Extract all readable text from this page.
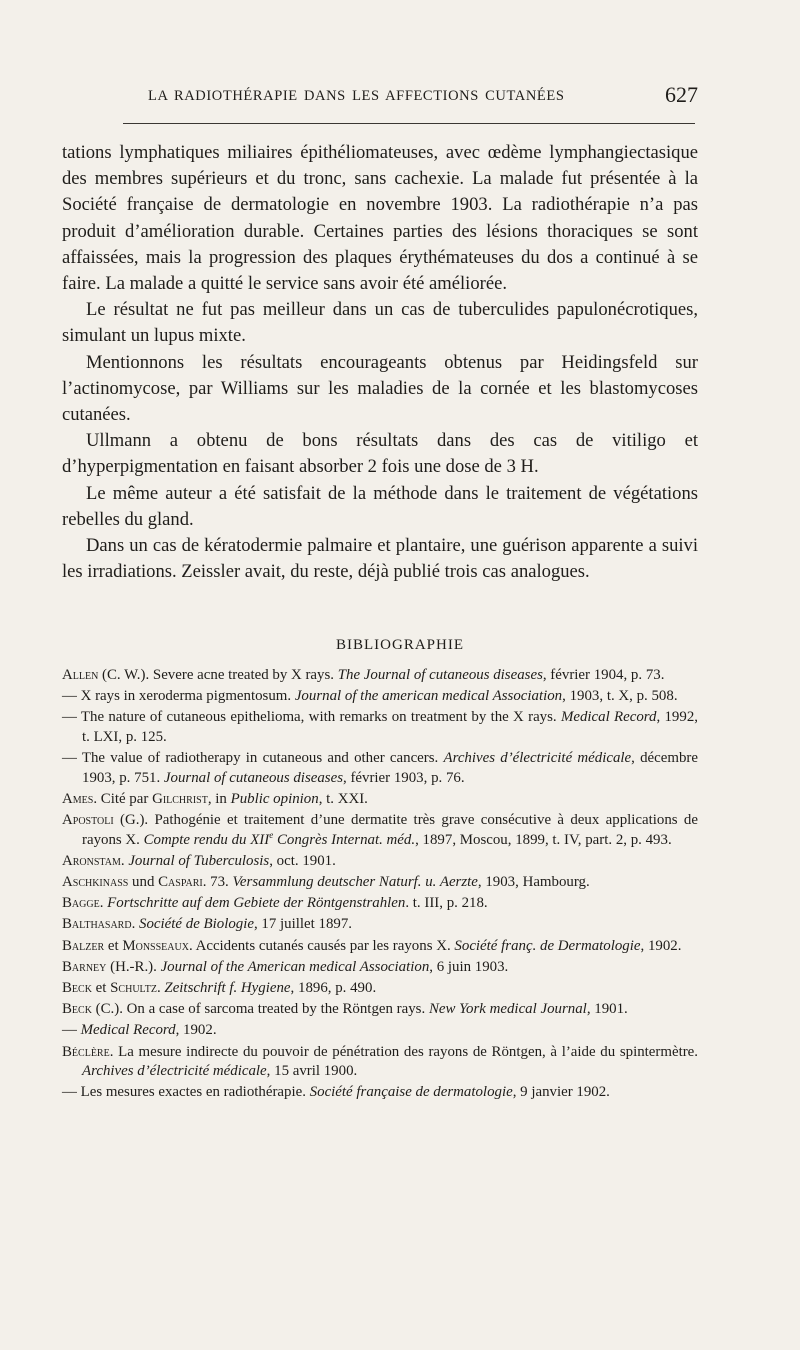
LA RADIOTHÉRAPIE DANS LES AFFECTIONS CUTANÉES	627

tations lymphatiques miliaires épithéliomateuses, avec œdème lymphangiectasique des membres supérieurs et du tronc, sans cachexie. La malade fut présentée à la Société française de dermatologie en novembre 1903. La radiothérapie n’a pas produit d’amélioration durable. Certaines parties des lésions thoraciques se sont affaissées, mais la progression des plaques érythémateuses du dos a continué à se faire. La malade a quitté le service sans avoir été améliorée.

Le résultat ne fut pas meilleur dans un cas de tuberculides papulonécrotiques, simulant un lupus mixte.

Mentionnons les résultats encourageants obtenus par Heidingsfeld sur l’actinomycose, par Williams sur les maladies de la cornée et les blastomycoses cutanées.

Ullmann a obtenu de bons résultats dans des cas de vitiligo et d’hyperpigmentation en faisant absorber 2 fois une dose de 3 H.

Le même auteur a été satisfait de la méthode dans le traitement de végétations rebelles du gland.

Dans un cas de kératodermie palmaire et plantaire, une guérison apparente a suivi les irradiations. Zeissler avait, du reste, déjà publié trois cas analogues.

BIBLIOGRAPHIE

Allen (C. W.). Severe acne treated by X rays. The Journal of cutaneous diseases, février 1904, p. 73.

— X rays in xeroderma pigmentosum. Journal of the american medical Association, 1903, t. X, p. 508.

— The nature of cutaneous epithelioma, with remarks on treatment by the X rays. Medical Record, 1992, t. LXI, p. 125.

— The value of radiotherapy in cutaneous and other cancers. Archives d’électricité médicale, décembre 1903, p. 751. Journal of cutaneous diseases, février 1903, p. 76.

Ames. Cité par Gilchrist, in Public opinion, t. XXI.

Apostoli (G.). Pathogénie et traitement d’une dermatite très grave consécutive à deux applications de rayons X. Compte rendu du XIIe Congrès Internat. méd., 1897, Moscou, 1899, t. IV, part. 2, p. 493.

Aronstam. Journal of Tuberculosis, oct. 1901.

Aschkinass und Caspari. 73. Versammlung deutscher Naturf. u. Aerzte, 1903, Hambourg.

Bagge. Fortschritte auf dem Gebiete der Röntgenstrahlen. t. III, p. 218.

Balthasard. Société de Biologie, 17 juillet 1897.

Balzer et Monsseaux. Accidents cutanés causés par les rayons X. Société franç. de Dermatologie, 1902.

Barney (H.-R.). Journal of the American medical Association, 6 juin 1903.

Beck et Schultz. Zeitschrift f. Hygiene, 1896, p. 490.

Beck (C.). On a case of sarcoma treated by the Röntgen rays. New York medical Journal, 1901.

— Medical Record, 1902.

Béclère. La mesure indirecte du pouvoir de pénétration des rayons de Röntgen, à l’aide du spintermètre. Archives d’électricité médicale, 15 avril 1900.

— Les mesures exactes en radiothérapie. Société française de dermatologie, 9 janvier 1902.
